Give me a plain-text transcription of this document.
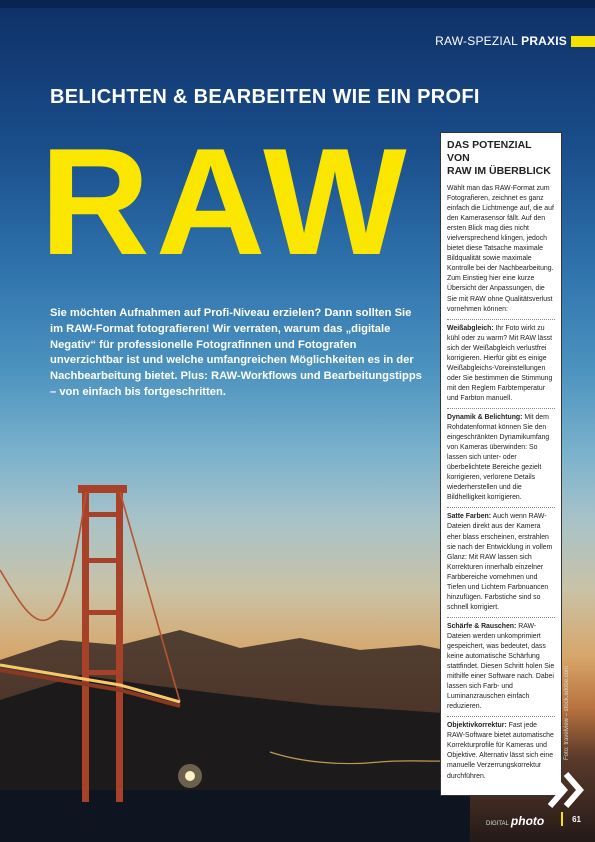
RAW-SPEZIAL PRAXIS
BELICHTEN & BEARBEITEN WIE EIN PROFI
RAW

Sie möchten Aufnahmen auf Profi-Niveau erzielen? Dann sollten Sie im RAW-Format fotografieren! Wir verraten, warum das „digitale Negativ“ für professionelle Fotografinnen und Fotografen unverzichtbar ist und welche umfangreichen Möglichkeiten es in der Nachbearbeitung bietet. Plus: RAW-Workflows und Bearbeitungstipps – von einfach bis fortgeschritten.

DAS POTENZIAL VON
RAW IM ÜBERBLICK

Wählt man das RAW-Format zum Fotografieren, zeichnet es ganz einfach die Lichtmenge auf, die auf den Kamerasensor fällt. Auf den ersten Blick mag dies nicht vielversprechend klingen, jedoch bietet diese Tatsache maximale Bildqualität sowie maximale Kontrolle bei der Nachbearbeitung. Zum Einstieg hier eine kurze Übersicht der Anpassungen, die Sie mit RAW ohne Qualitätsverlust vornehmen können:

Weißabgleich: Ihr Foto wirkt zu kühl oder zu warm? Mit RAW lässt sich der Weißabgleich verlustfrei korrigieren. Hierfür gibt es einige Weißabgleichs-Voreinstellungen oder Sie bestimmen die Stimmung mit den Reglern Farbtemperatur und Farbton manuell.

Dynamik & Belichtung: Mit dem Rohdatenformat können Sie den eingeschränkten Dynamikumfang von Kameras überwinden: So lassen sich unter- oder überbelichtete Bereiche gezielt korrigieren, verlorene Details wiederherstellen und die Bildhelligkeit korrigieren.

Satte Farben: Auch wenn RAW-Dateien direkt aus der Kamera eher blass erscheinen, erstrahlen sie nach der Entwicklung in vollem Glanz: Mit RAW lassen sich Korrekturen innerhalb einzelner Farbbereiche vornehmen und Tiefen und Lichtern Farbnuancen hinzufügen. Farbstiche sind so schnell korrigiert.

Schärfe & Rauschen: RAW-Dateien werden unkomprimiert gespeichert, was bedeutet, dass keine automatische Schärfung stattfindet. Diesen Schritt holen Sie mithilfe einer Software nach. Dabei lassen sich Farb- und Luminanzrauschen einfach reduzieren.

Objektivkorrektur: Fast jede RAW-Software bietet automatische Korrekturprofile für Kameras und Objektive. Alternativ lässt sich eine manuelle Verzerrungskorrektur durchführen.

Foto: travelview – stock.adobe.com
DIGITAL photo	61
